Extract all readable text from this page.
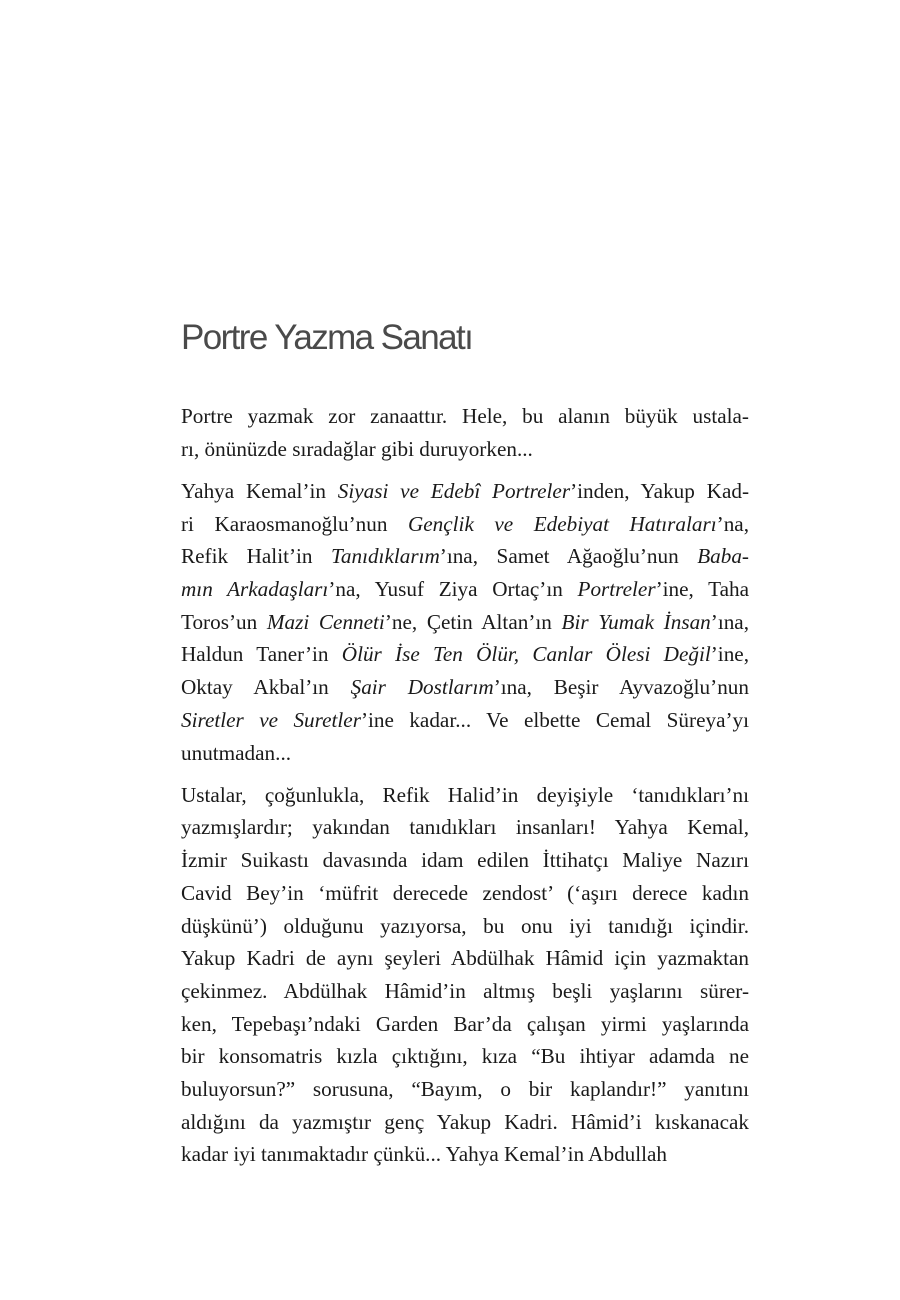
Portre Yazma Sanatı

Portre yazmak zor zanaattır. Hele, bu alanın büyük ustala-
rı, önünüzde sıradağlar gibi duruyorken...

Yahya Kemal’in Siyasi ve Edebî Portreler’inden, Yakup Kad-
ri Karaosmanoğlu’nun Gençlik ve Edebiyat Hatıraları’na,
Refik Halit’in Tanıdıklarım’ına, Samet Ağaoğlu’nun Baba-
mın Arkadaşları’na, Yusuf Ziya Ortaç’ın Portreler’ine, Taha
Toros’un Mazi Cenneti’ne, Çetin Altan’ın Bir Yumak İnsan’ına,
Haldun Taner’in Ölür İse Ten Ölür, Canlar Ölesi Değil’ine,
Oktay Akbal’ın Şair Dostlarım’ına, Beşir Ayvazoğlu’nun
Siretler ve Suretler’ine kadar... Ve elbette Cemal Süreya’yı
unutmadan...

Ustalar, çoğunlukla, Refik Halid’in deyişiyle ‘tanıdıkları’nı
yazmışlardır; yakından tanıdıkları insanları! Yahya Kemal,
İzmir Suikastı davasında idam edilen İttihatçı Maliye Nazırı
Cavid Bey’in ‘müfrit derecede zendost’ (‘aşırı derece kadın
düşkünü’) olduğunu yazıyorsa, bu onu iyi tanıdığı içindir.
Yakup Kadri de aynı şeyleri Abdülhak Hâmid için yazmaktan
çekinmez. Abdülhak Hâmid’in altmış beşli yaşlarını sürer-
ken, Tepebaşı’ndaki Garden Bar’da çalışan yirmi yaşlarında
bir konsomatris kızla çıktığını, kıza “Bu ihtiyar adamda ne
buluyorsun?” sorusuna, “Bayım, o bir kaplandır!” yanıtını
aldığını da yazmıştır genç Yakup Kadri. Hâmid’i kıskanacak
kadar iyi tanımaktadır çünkü... Yahya Kemal’in Abdullah
